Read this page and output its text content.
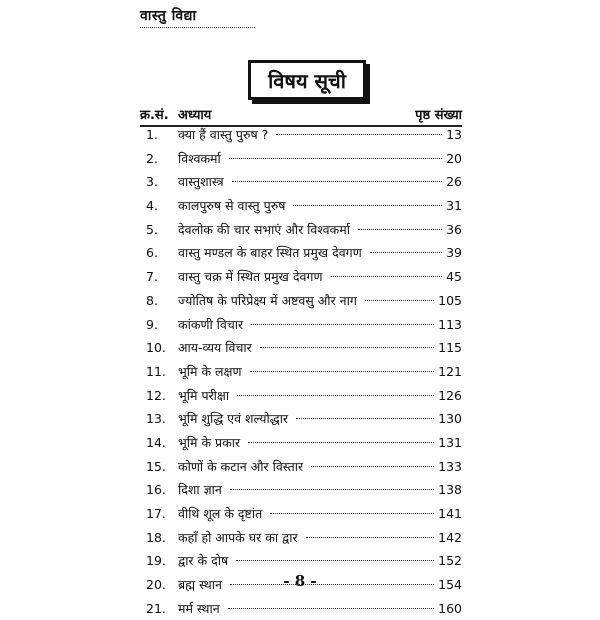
वास्तु विद्या
विषय सूची
क्र.सं. अध्याय	पृष्ठ संख्या
1.	क्या हैं वास्तु पुरुष ?	13
2.	विश्वकर्मा	20
3.	वास्तुशास्त्र	26
4.	कालपुरुष से वास्तु पुरुष	31
5.	देवलोक की चार सभाएं और विश्वकर्मा	36
6.	वास्तु मण्डल के बाहर स्थित प्रमुख देवगण	39
7.	वास्तु चक्र में स्थित प्रमुख देवगण	45
8.	ज्योतिष के परिप्रेक्ष्य में अष्टवसु और नाग	105
9.	कांकणी विचार	113
10. आय-व्यय विचार	115
11. भूमि के लक्षण	121
12. भूमि परीक्षा	126
13. भूमि शुद्धि एवं शल्योद्धार	130
14. भूमि के प्रकार	131
15. कोणों के कटान और विस्तार	133
16. दिशा ज्ञान	138
17. वीथि शूल के दृष्टांत	141
18. कहाँ हो आपके घर का द्वार	142
19. द्वार के दोष	152
20. ब्रह्म स्थान	154
21. मर्म स्थान	160
- 8 -
